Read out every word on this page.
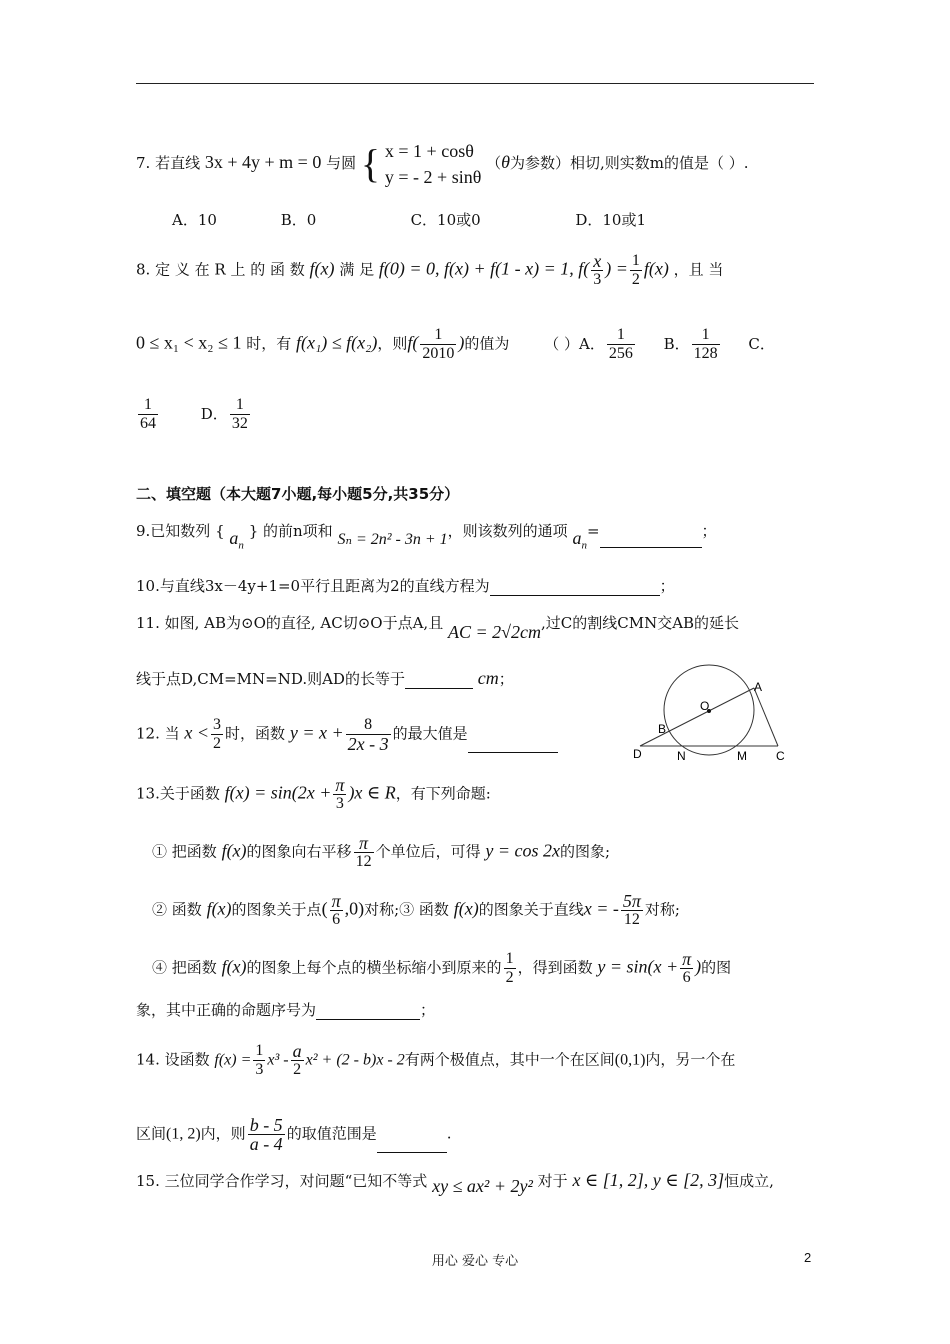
7. 若直线 3x + 4y + m = 0 与圆 { x = 1 + cosθ
y = - 2 + sinθ
（θ为参数）相切,则实数m的值是（ ）.
A．10	B．0	C．10或0	D．10或1
8. 定 义 在 R 上 的 函 数 f(x) 满 足 f(0) = 0, f(x) + f(1 - x) = 1, $f( \frac{x}{3}$ ) = $\frac{1}{2} f(x)$ ，且 当
0 ≤ x₁ < x₂ ≤ 1 时，有 f(x₁) ≤ f(x₂)，则$f( \frac{1}{2010}$ )的值为 （ ）A． $\frac{1}{256}$ B． $\frac{1}{128}$ C．
$\frac{1}{64}$	D． $\frac{1}{32}$
二、填空题（本大题7小题,每小题5分,共35分）
9.已知数列 { $a_n$ } 的前n项和 Sₙ = 2n² - 3n + 1，则该数列的通项 $a_n=$	；
10.与直线3x－4y+1=0平行且距离为2的直线方程为	；
11. 如图, AB为⊙O的直径, AC切⊙O于点A,且 AC = 2√2cm,过C的割线CMN交AB的延长
线于点D,CM=MN=ND.则AD的长等于	cm；	A
B
O
D	N	M C
12. 当 $x < \frac{3}{2}$ 时，函数 $y = x + \frac{8}{2x - 3}$ 的最大值是
13.关于函数 $f(x) = \sin(2x + \frac{\pi}{3} )x$ ∈ R，有下列命题:
① 把函数 f(x)的图象向右平移 $\frac{\pi}{12}$ 个单位后，可得 y = cos 2x的图象;
② 函数 f(x)的图象关于点( $\frac{\pi}{6} ,0$)对称;③ 函数 f(x)的图象关于直线x = - $\frac{5\pi}{12}$ 对称;
④ 把函数 f(x)的图象上每个点的横坐标缩小到原来的 $\frac{1}{2}$ ，得到函数 $y = \sin(x + \frac{\pi}{6}$ )的图
象，其中正确的命题序号为	；
14. 设函数 $f(x) = \frac{1}{3} x^3 - \frac{a}{2} x^2 + (2 - b)x - 2$有两个极值点，其中一个在区间(0,1)内，另一个在
区间(1, 2)内，则 $\frac{b - 5}{a - 4}$ 的取值范围是	.
15. 三位同学合作学习，对问题“已知不等式 xy ≤ ax² + 2y² 对于 x ∈ [1, 2], y ∈ [2, 3]恒成立,
用心 爱心 专心	2
